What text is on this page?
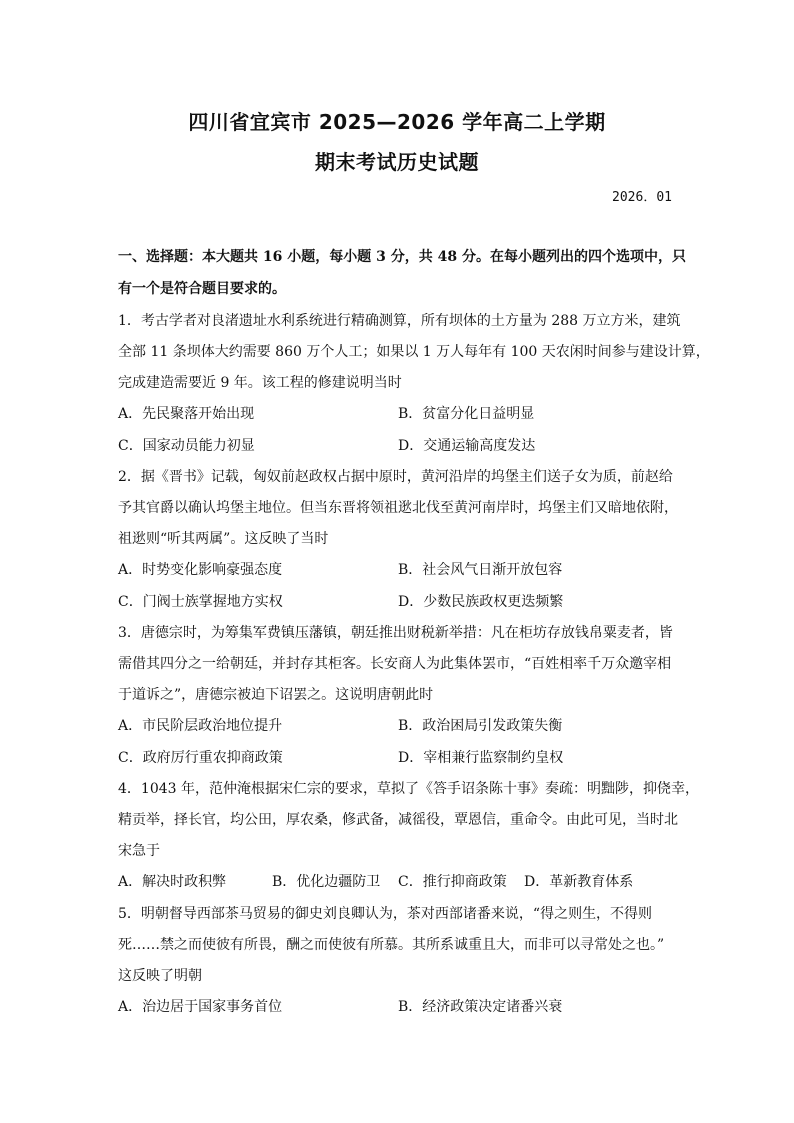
四川省宜宾市 2025—2026 学年高二上学期
期末考试历史试题
2026．01
一、选择题：本大题共 16 小题，每小题 3 分，共 48 分。在每小题列出的四个选项中，只
有一个是符合题目要求的。
1．考古学者对良渚遗址水利系统进行精确测算，所有坝体的土方量为 288 万立方米，建筑
全部 11 条坝体大约需要 860 万个人工；如果以 1 万人每年有 100 天农闲时间参与建设计算，
完成建造需要近 9 年。该工程的修建说明当时
A．先民聚落开始出现	B．贫富分化日益明显
C．国家动员能力初显	D．交通运输高度发达
2．据《晋书》记载，匈奴前赵政权占据中原时，黄河沿岸的坞堡主们送子女为质，前赵给
予其官爵以确认坞堡主地位。但当东晋将领祖逖北伐至黄河南岸时，坞堡主们又暗地依附，
祖逖则“听其两属”。这反映了当时
A．时势变化影响豪强态度	B．社会风气日渐开放包容
C．门阀士族掌握地方实权	D．少数民族政权更迭频繁
3．唐德宗时，为筹集军费镇压藩镇，朝廷推出财税新举措：凡在柜坊存放钱帛粟麦者，皆
需借其四分之一给朝廷，并封存其柜客。长安商人为此集体罢市，“百姓相率千万众邀宰相
于道诉之”，唐德宗被迫下诏罢之。这说明唐朝此时
A．市民阶层政治地位提升	B．政治困局引发政策失衡
C．政府厉行重农抑商政策	D．宰相兼行监察制约皇权
4．1043 年，范仲淹根据宋仁宗的要求，草拟了《答手诏条陈十事》奏疏：明黜陟，抑侥幸，
精贡举，择长官，均公田，厚农桑，修武备，减徭役，覃恩信，重命令。由此可见，当时北
宋急于
A．解决时政积弊	B．优化边疆防卫 C．推行抑商政策 D．革新教育体系
5．明朝督导西部茶马贸易的御史刘良卿认为，茶对西部诸番来说，“得之则生，不得则
死……禁之而使彼有所畏，酬之而使彼有所慕。其所系诚重且大，而非可以寻常处之也。”
这反映了明朝
A．治边居于国家事务首位	B．经济政策决定诸番兴衰
